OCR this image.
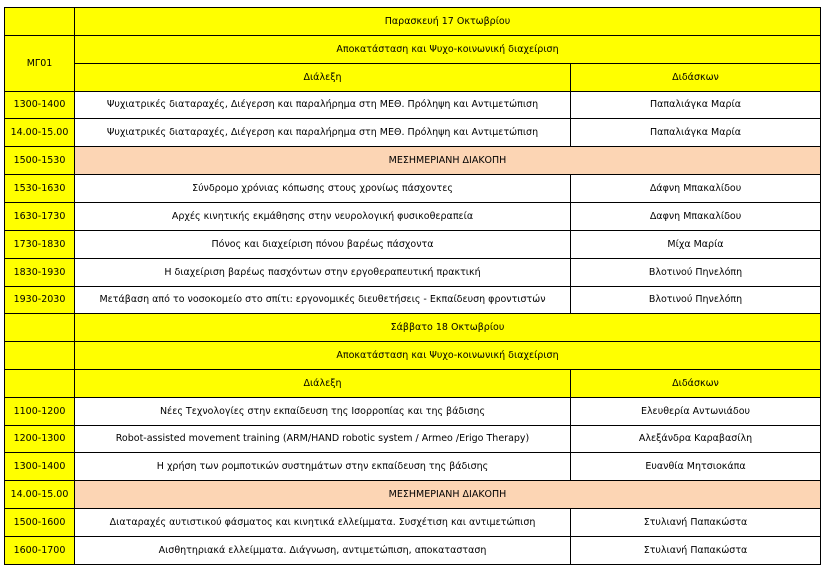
	Παρασκευή 17 Οκτωβρίου	
ΜΓ01	Αποκατάσταση και Ψυχο-κοινωνική διαχείριση	
	Διάλεξη	Διδάσκων
1300-1400	Ψυχιατρικές διαταραχές, Διέγερση και παραλήρημα στη ΜΕΘ. Πρόληψη και Αντιμετώπιση	Παπαλιάγκα Μαρία
14.00-15.00	Ψυχιατρικές διαταραχές, Διέγερση και παραλήρημα στη ΜΕΘ. Πρόληψη και Αντιμετώπιση	Παπαλιάγκα Μαρία
1500-1530	ΜΕΣΗΜΕΡΙΑΝΗ ΔΙΑΚΟΠΗ	
1530-1630	Σύνδρομο χρόνιας κόπωσης στους χρονίως πάσχοντες	Δάφνη Μπακαλίδου
1630-1730	Αρχές κινητικής εκμάθησης στην νευρολογική φυσικοθεραπεία	Δαφνη Μπακαλίδου
1730-1830	Πόνος και διαχείριση πόνου βαρέως πάσχοντα	Μίχα Μαρία
1830-1930	Η διαχείριση βαρέως πασχόντων στην εργοθεραπευτική πρακτική	Βλοτινού Πηνελόπη
1930-2030	Μετάβαση από το νοσοκομείο στο σπίτι: εργονομικές διευθετήσεις - Εκπαίδευση φροντιστών	Βλοτινού Πηνελόπη
	Σάββατο 18 Οκτωβρίου	
	Αποκατάσταση και Ψυχο-κοινωνική διαχείριση	
	Διάλεξη	Διδάσκων
1100-1200	Νέες Τεχνολογίες στην εκπαίδευση της Ισορροπίας και της βάδισης	Ελευθερία Αντωνιάδου
1200-1300	Robot-assisted movement training (ARM/HAND robotic system / Armeo /Erigo Therapy)	Αλεξάνδρα Καραβασίλη
1300-1400	Η χρήση των ρομποτικών συστημάτων στην εκπαίδευση της βάδισης	Ευανθία Μητσιοκάπα
14.00-15.00	ΜΕΣΗΜΕΡΙΑΝΗ ΔΙΑΚΟΠΗ	
1500-1600	Διαταραχές αυτιστικού φάσματος και κινητικά ελλείμματα. Συσχέτιση και αντιμετώπιση	Στυλιανή Παπακώστα
1600-1700	Αισθητηριακά ελλείμματα. Διάγνωση, αντιμετώπιση, αποκατασταση	Στυλιανή Παπακώστα
